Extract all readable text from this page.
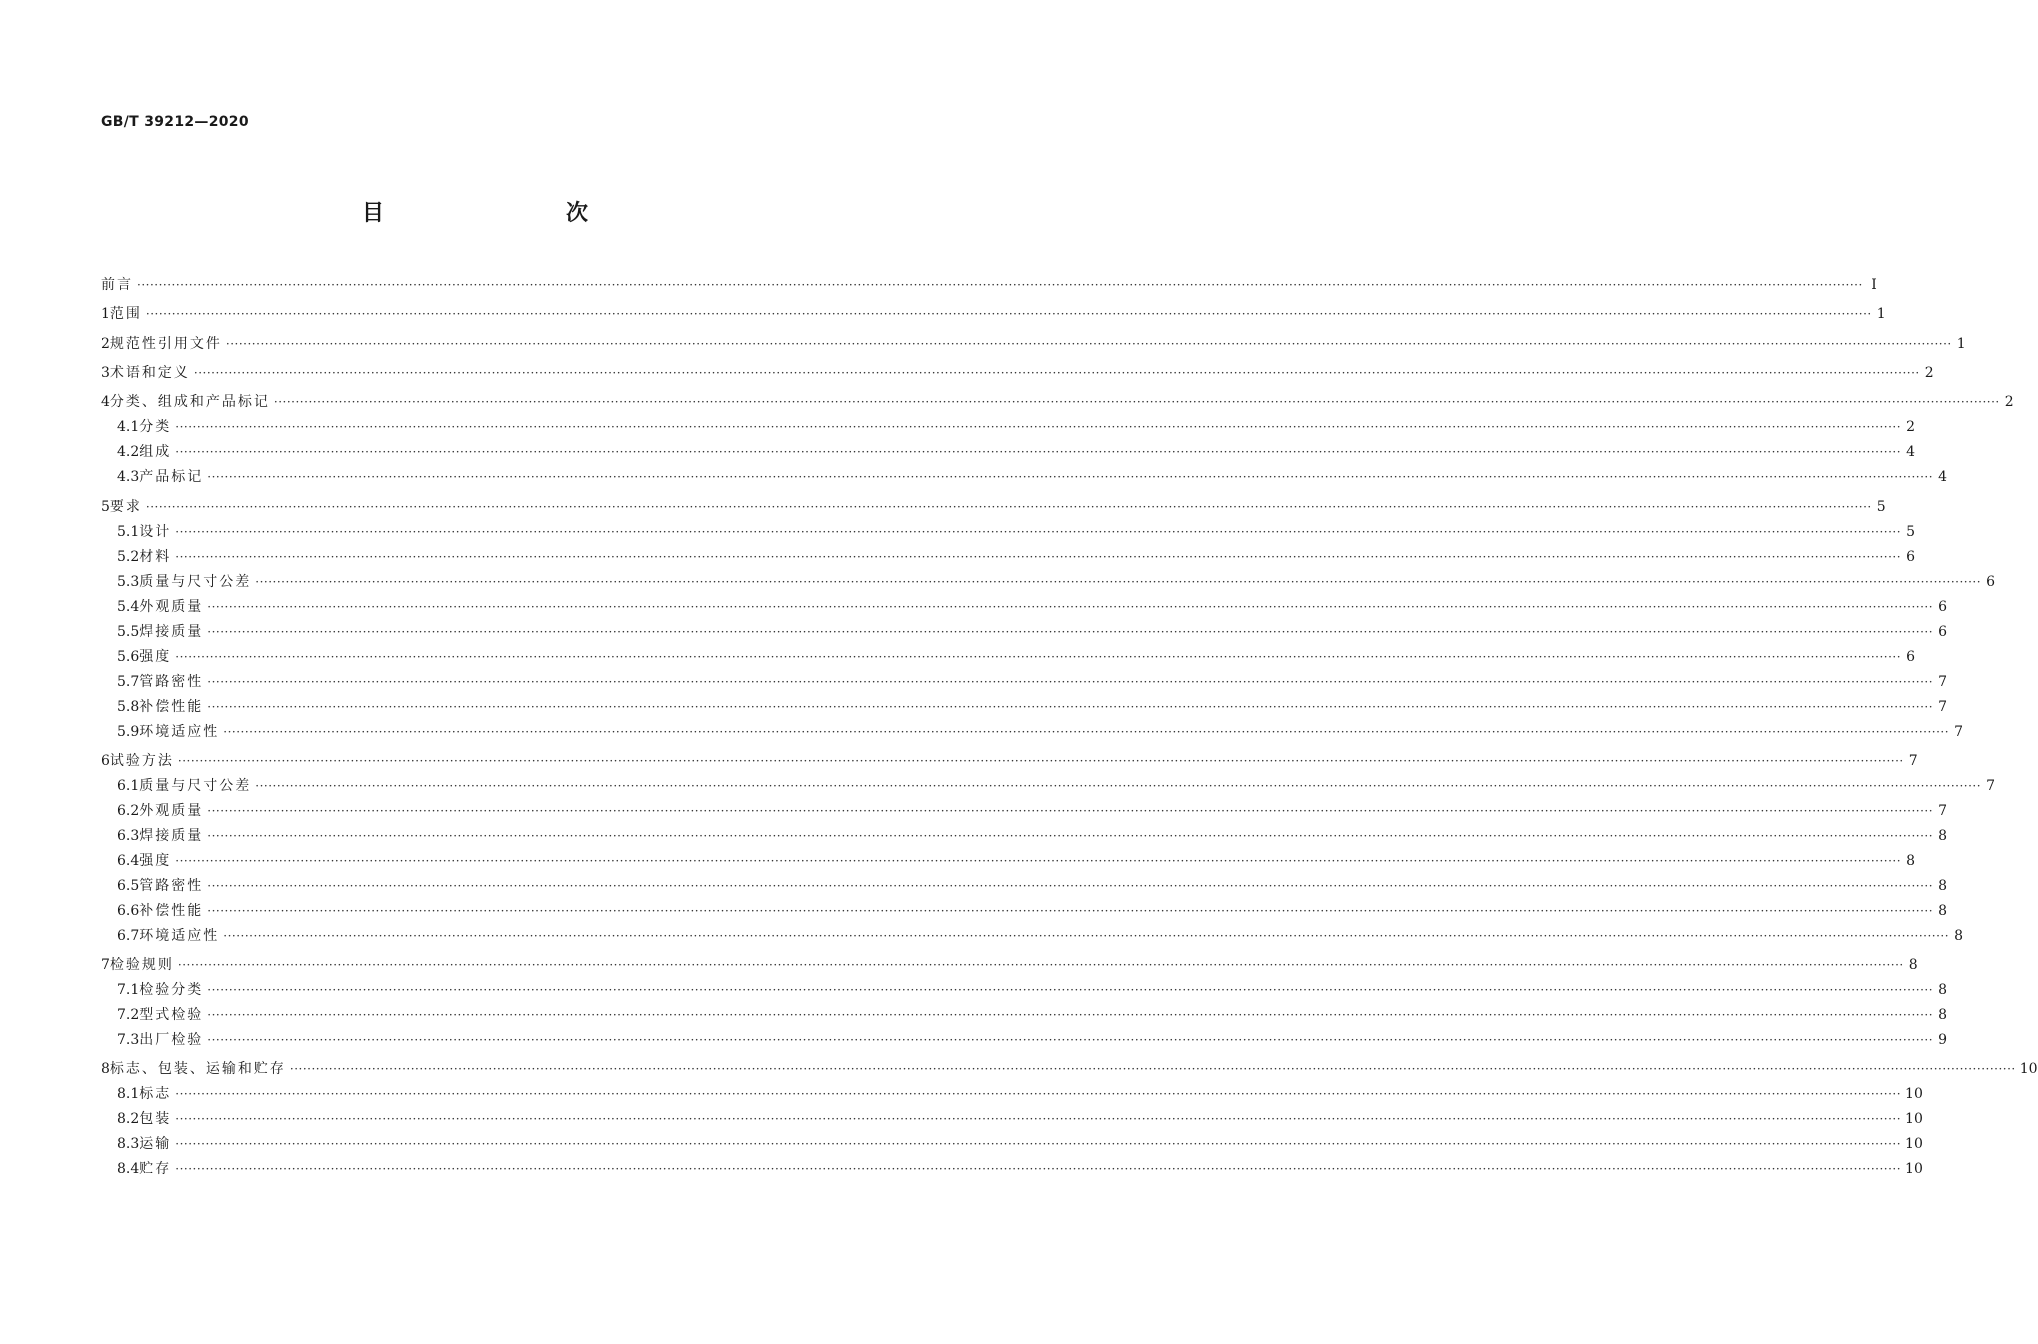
GB/T 39212—2020
目　　次
前言 ················································································································································································································································································································································································································ Ⅰ
1 范围 ················································································································································································································································································································································································································ 1
2 规范性引用文件 ················································································································································································································································································································································································································ 1
3 术语和定义 ················································································································································································································································································································································································································ 2
4 分类、组成和产品标记 ················································································································································································································································································································································································································ 2
4.1 分类 ················································································································································································································································································································································································································ 2
4.2 组成 ················································································································································································································································································································································································································ 4
4.3 产品标记 ················································································································································································································································································································································································································ 4
5 要求 ················································································································································································································································································································································································································ 5
5.1 设计 ················································································································································································································································································································································································································ 5
5.2 材料 ················································································································································································································································································································································································································ 6
5.3 质量与尺寸公差 ················································································································································································································································································································································································································ 6
5.4 外观质量 ················································································································································································································································································································································································································ 6
5.5 焊接质量 ················································································································································································································································································································································································································ 6
5.6 强度 ················································································································································································································································································································································································································ 6
5.7 管路密性 ················································································································································································································································································································································································································ 7
5.8 补偿性能 ················································································································································································································································································································································································································ 7
5.9 环境适应性 ················································································································································································································································································································································································································ 7
6 试验方法 ················································································································································································································································································································································································································ 7
6.1 质量与尺寸公差 ················································································································································································································································································································································································································ 7
6.2 外观质量 ················································································································································································································································································································································································································ 7
6.3 焊接质量 ················································································································································································································································································································································································································ 8
6.4 强度 ················································································································································································································································································································································································································ 8
6.5 管路密性 ················································································································································································································································································································································································································ 8
6.6 补偿性能 ················································································································································································································································································································································································································ 8
6.7 环境适应性 ················································································································································································································································································································································································································ 8
7 检验规则 ················································································································································································································································································································································································································ 8
7.1 检验分类 ················································································································································································································································································································································································································ 8
7.2 型式检验 ················································································································································································································································································································································································································ 8
7.3 出厂检验 ················································································································································································································································································································································································································ 9
8 标志、包装、运输和贮存 ················································································································································································································································································································································································································ 10
8.1 标志 ················································································································································································································································································································································································································ 10
8.2 包装 ················································································································································································································································································································································································································ 10
8.3 运输 ················································································································································································································································································································································································································ 10
8.4 贮存 ················································································································································································································································································································································································································ 10
